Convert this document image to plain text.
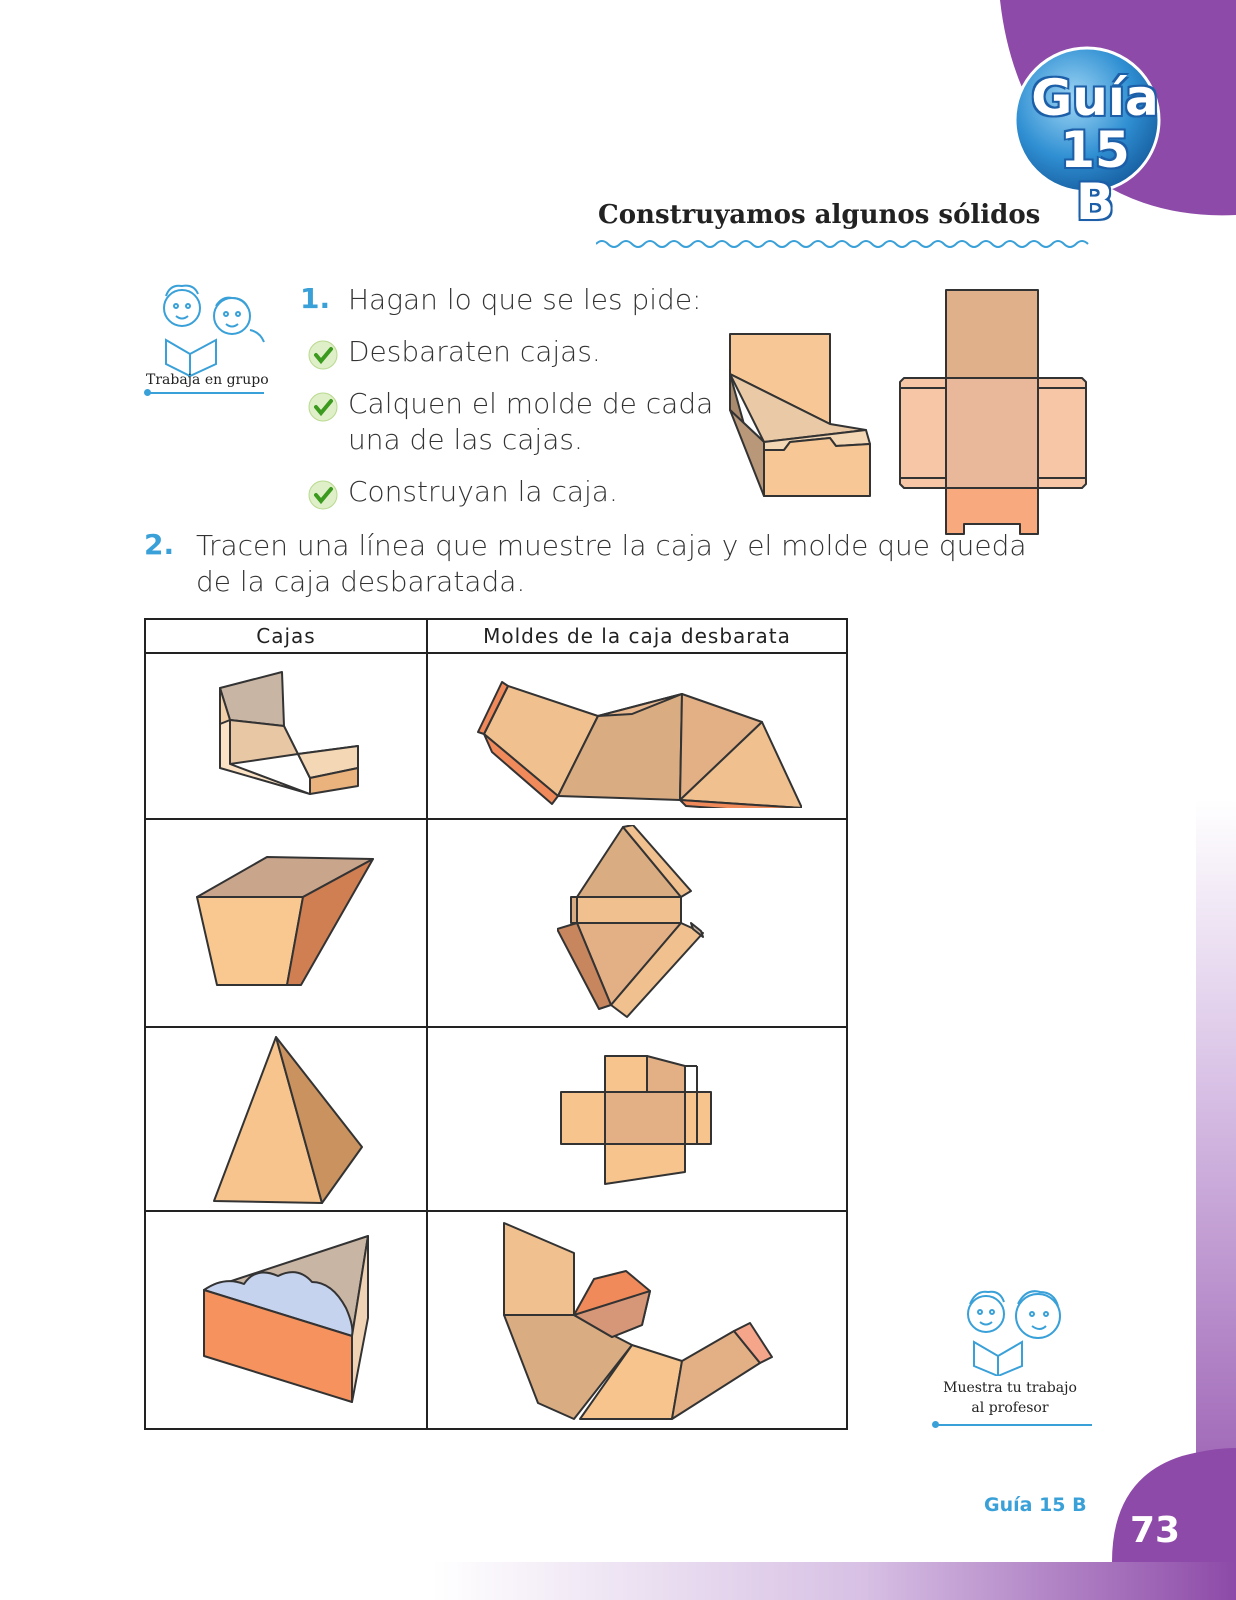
Guía 15
B
Construyamos algunos sólidos
Trabaja en grupo
1. Hagan lo que se les pide:
Desbaraten cajas.
Calquen el molde de cada
una de las cajas.
Construyan la caja.
2. Tracen una línea que muestre la caja y el molde que queda
de la caja desbaratada.
Cajas	Moldes de la caja desbarata

Muestra tu trabajo
al profesor
Guía 15 B
73
